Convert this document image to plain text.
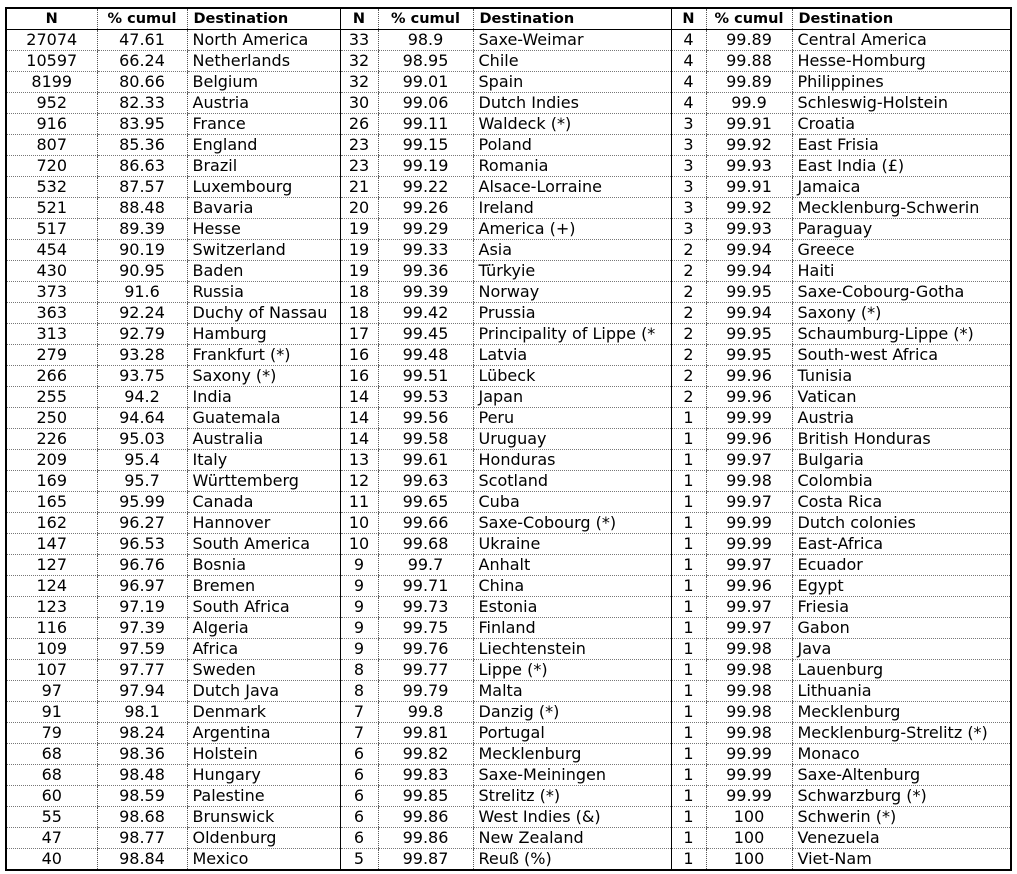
N	% cumul	Destination	N	% cumul	Destination	N	% cumul	Destination
27074	47.61	North America	33	98.9	Saxe-Weimar	4	99.89	Central America
10597	66.24	Netherlands	32	98.95	Chile	4	99.88	Hesse-Homburg
8199	80.66	Belgium	32	99.01	Spain	4	99.89	Philippines
952	82.33	Austria	30	99.06	Dutch Indies	4	99.9	Schleswig-Holstein
916	83.95	France	26	99.11	Waldeck (*)	3	99.91	Croatia
807	85.36	England	23	99.15	Poland	3	99.92	East Frisia
720	86.63	Brazil	23	99.19	Romania	3	99.93	East India (£)
532	87.57	Luxembourg	21	99.22	Alsace-Lorraine	3	99.91	Jamaica
521	88.48	Bavaria	20	99.26	Ireland	3	99.92	Mecklenburg-Schwerin
517	89.39	Hesse	19	99.29	America (+)	3	99.93	Paraguay
454	90.19	Switzerland	19	99.33	Asia	2	99.94	Greece
430	90.95	Baden	19	99.36	Türkyie	2	99.94	Haiti
373	91.6	Russia	18	99.39	Norway	2	99.95	Saxe-Cobourg-Gotha
363	92.24	Duchy of Nassau	18	99.42	Prussia	2	99.94	Saxony (*)
313	92.79	Hamburg	17	99.45	Principality of Lippe (*	2	99.95	Schaumburg-Lippe (*)
279	93.28	Frankfurt (*)	16	99.48	Latvia	2	99.95	South-west Africa
266	93.75	Saxony (*)	16	99.51	Lübeck	2	99.96	Tunisia
255	94.2	India	14	99.53	Japan	2	99.96	Vatican
250	94.64	Guatemala	14	99.56	Peru	1	99.99	Austria
226	95.03	Australia	14	99.58	Uruguay	1	99.96	British Honduras
209	95.4	Italy	13	99.61	Honduras	1	99.97	Bulgaria
169	95.7	Württemberg	12	99.63	Scotland	1	99.98	Colombia
165	95.99	Canada	11	99.65	Cuba	1	99.97	Costa Rica
162	96.27	Hannover	10	99.66	Saxe-Cobourg (*)	1	99.99	Dutch colonies
147	96.53	South America	10	99.68	Ukraine	1	99.99	East-Africa
127	96.76	Bosnia	9	99.7	Anhalt	1	99.97	Ecuador
124	96.97	Bremen	9	99.71	China	1	99.96	Egypt
123	97.19	South Africa	9	99.73	Estonia	1	99.97	Friesia
116	97.39	Algeria	9	99.75	Finland	1	99.97	Gabon
109	97.59	Africa	9	99.76	Liechtenstein	1	99.98	Java
107	97.77	Sweden	8	99.77	Lippe (*)	1	99.98	Lauenburg
97	97.94	Dutch Java	8	99.79	Malta	1	99.98	Lithuania
91	98.1	Denmark	7	99.8	Danzig (*)	1	99.98	Mecklenburg
79	98.24	Argentina	7	99.81	Portugal	1	99.98	Mecklenburg-Strelitz (*)
68	98.36	Holstein	6	99.82	Mecklenburg	1	99.99	Monaco
68	98.48	Hungary	6	99.83	Saxe-Meiningen	1	99.99	Saxe-Altenburg
60	98.59	Palestine	6	99.85	Strelitz (*)	1	99.99	Schwarzburg (*)
55	98.68	Brunswick	6	99.86	West Indies (&)	1	100	Schwerin (*)
47	98.77	Oldenburg	6	99.86	New Zealand	1	100	Venezuela
40	98.84	Mexico	5	99.87	Reuß (%)	1	100	Viet-Nam
